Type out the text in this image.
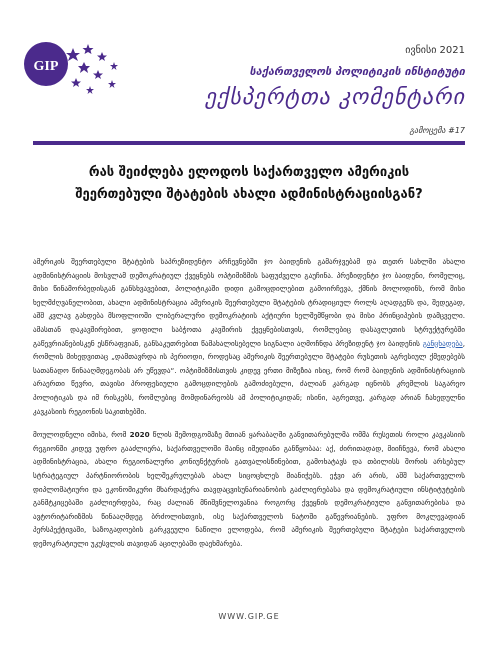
GIP
ივნისი 2021
საქართველოს პოლიტიკის ინსტიტუტი
ექსპერტთა კომენტარი
გამოცემა #17
რას შეიძლება ელოდოს საქართველო ამერიკის შეერთებული შტატების ახალი ადმინისტრაციისგან?

ამერიკის შეერთებული შტატების საპრეზიდენტო არჩევნებში ჯო ბაიდენის გამარჯვებამ და თეთრ სახლში ახალი ადმინისტრაციის მოსვლამ დემოკრატიულ ქვეყნებს ოპტიმიზმის საფუძველი გაუჩინა. პრეზიდენტი ჯო ბაიდენი, რომელიც, მისი წინამორბედისგან განსხვავებით, პოლიტიკაში დიდი გამოცდილებით გამოირჩევა, ქმნის მოლოდინს, რომ მისი ხელმძღვანელობით, ახალი ადმინისტრაცია ამერიკის შეერთებული შტატების ტრადიციულ როლს აღადგენს და, შედეგად, აშშ კვლავ გახდება მსოფლიოში ლიბერალური დემოკრატიის აქტიური ხელშემწყობი და მისი პრინციპების დამცველი. ამასთან დაკავშირებით, ყოფილი საბჭოთა კავშირის ქვეყნებისთვის, რომლებიც დასავლეთის სტრუქტურებში გაწევრიანებისკენ ესწრაფვიან, განსაკუთრებით წამახალისებელი სიგნალი აღმოჩნდა პრეზიდენტ ჯო ბაიდენის განცხადება, რომლის მიხედვითაც „დამთავრდა ის პერიოდი, როდესაც ამერიკის შეერთებული შტატები რუსეთის აგრესიულ ქმედებებს სათანადო წინააღმდეგობას არ უწევდა“. ოპტიმიზმისთვის კიდევ ერთი მიზეზია ისიც, რომ რომ ბაიდენის ადმინისტრაციის არაერთი წევრი, თავისი პროფესიული გამოცდილების გამოძიებული, ძალიან კარგად იცნობს კრემლის საგარეო პოლიტიკას და იმ რისკებს, რომლებიც მომდინარეობს ამ პოლიტიკიდან; ისინი, აგრეთვე, კარგად არიან ჩახედულნი კავკასიის რეგიონის საკითხებში.

მოულოდნელი იმისა, რომ 2020 წლის შემოდგომაზე მთიან ყარაბაღში განვითარებულმა ომმა რუსეთის როლი კავკასიის რეგიონში კიდევ უფრო გააძლიერა, საქართველოში მაინც იმედიანი განწყობაა: აქ, ძირითადად, მიიჩნევა, რომ ახალი ადმინისტრაცია, ახალი რეგიონალური კონიუნქტურის გათვალისწინებით, გამოხატავს და თბილისს შორის არსებულ სტრატეგიულ პარტნიორობის ხელშეკრულებას ახალ სიცოცხლეს მიანიჭებს. ეჭვი არ არის, აშშ საქართველოს დიპლომატიური და ეკონომიკური მხარდაჭერა თავდაცვისუნარიანობის გაძლიერებასა და დემოკრატიული ინსტიტუტების განმტკიცებაში გაძლიერდება, რაც ძალიან მნიშვნელოვანია როგორც ქვეყნის დემოკრატიული განვითარებისა და ავტორიტარიზმის წინააღმდეგ ბრძოლისთვის, ისე საქართველოს ნატოში გაწევრიანების. უფრო მოკლევადიან პერსპექტივაში, საზოგადოების გარკვეული ნაწილი ელოდება, რომ ამერიკის შეერთებული შტატები საქართველოს დემოკრატიული უკუსვლის თავიდან აცილებაში დაეხმარება.

WWW.GIP.GE
